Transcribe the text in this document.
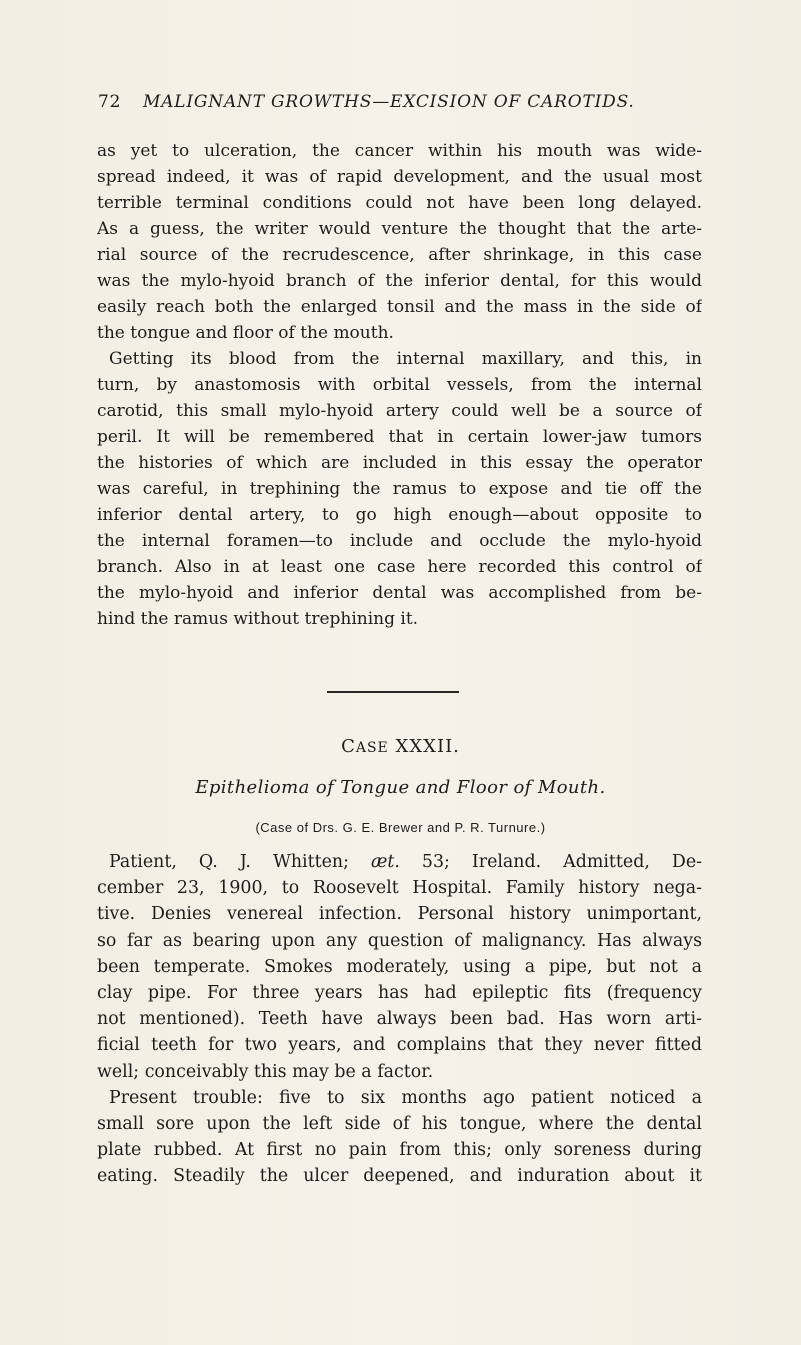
72 MALIGNANT GROWTHS—EXCISION OF CAROTIDS.
as yet to ulceration, the cancer within his mouth was wide-
spread indeed, it was of rapid development, and the usual most
terrible terminal conditions could not have been long delayed.
As a guess, the writer would venture the thought that the arte-
rial source of the recrudescence, after shrinkage, in this case
was the mylo-hyoid branch of the inferior dental, for this would
easily reach both the enlarged tonsil and the mass in the side of
the tongue and floor of the mouth.
Getting its blood from the internal maxillary, and this, in
turn, by anastomosis with orbital vessels, from the internal
carotid, this small mylo-hyoid artery could well be a source of
peril. It will be remembered that in certain lower-jaw tumors
the histories of which are included in this essay the operator
was careful, in trephining the ramus to expose and tie off the
inferior dental artery, to go high enough—about opposite to
the internal foramen—to include and occlude the mylo-hyoid
branch. Also in at least one case here recorded this control of
the mylo-hyoid and inferior dental was accomplished from be-
hind the ramus without trephining it.
CASE XXXII.
Epithelioma of Tongue and Floor of Mouth.
(Case of Drs. G. E. Brewer and P. R. Turnure.)
Patient, Q. J. Whitten; æt. 53; Ireland. Admitted, De-
cember 23, 1900, to Roosevelt Hospital. Family history nega-
tive. Denies venereal infection. Personal history unimportant,
so far as bearing upon any question of malignancy. Has always
been temperate. Smokes moderately, using a pipe, but not a
clay pipe. For three years has had epileptic fits (frequency
not mentioned). Teeth have always been bad. Has worn arti-
ficial teeth for two years, and complains that they never fitted
well; conceivably this may be a factor.
Present trouble: five to six months ago patient noticed a
small sore upon the left side of his tongue, where the dental
plate rubbed. At first no pain from this; only soreness during
eating. Steadily the ulcer deepened, and induration about it
